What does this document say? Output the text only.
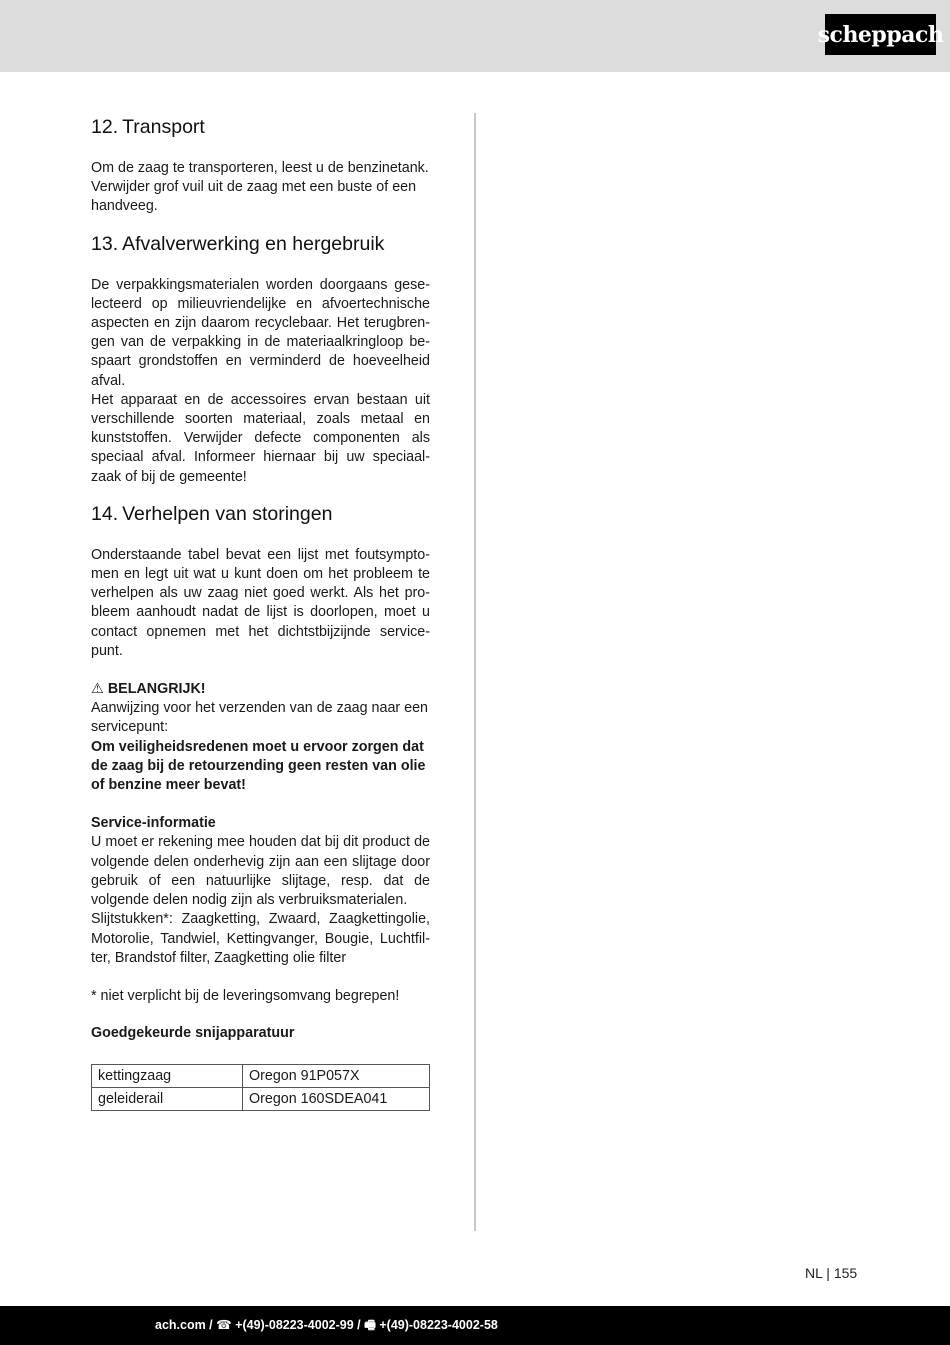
scheppach
12. Transport

Om de zaag te transporteren, leest u de benzinetank. Verwijder grof vuil uit de zaag met een buste of een handveeg.

13. Afvalverwerking en hergebruik

De verpakkingsmaterialen worden doorgaans gese-lecteerd op milieuvriendelijke en afvoertechnische aspecten en zijn daarom recyclebaar. Het terugbren-gen van de verpakking in de materiaalkringloop be-spaart grondstoffen en verminderd de hoeveelheid afval.

Het apparaat en de accessoires ervan bestaan uit verschillende soorten materiaal, zoals metaal en kunststoffen. Verwijder defecte componenten als speciaal afval. Informeer hiernaar bij uw speciaal-zaak of bij de gemeente!

14. Verhelpen van storingen

Onderstaande tabel bevat een lijst met foutsympto-men en legt uit wat u kunt doen om het probleem te verhelpen als uw zaag niet goed werkt. Als het pro-bleem aanhoudt nadat de lijst is doorlopen, moet u contact opnemen met het dichtstbijzijnde service-punt.

⚠ BELANGRIJK!

Aanwijzing voor het verzenden van de zaag naar een servicepunt:

Om veiligheidsredenen moet u ervoor zorgen dat de zaag bij de retourzending geen resten van olie of benzine meer bevat!

Service-informatie

U moet er rekening mee houden dat bij dit product de volgende delen onderhevig zijn aan een slijtage door gebruik of een natuurlijke slijtage, resp. dat de volgende delen nodig zijn als verbruiksmaterialen.

Slijtstukken*: Zaagketting, Zwaard, Zaagkettingolie, Motorolie, Tandwiel, Kettingvanger, Bougie, Luchtfil-ter, Brandstof filter, Zaagketting olie filter

* niet verplicht bij de leveringsomvang begrepen!

Goedgekeurde snijapparatuur

kettingzaag	Oregon 91P057X
geleiderail	Oregon 160SDEA041
NL | 155
ach.com / ☎ +(49)-08223-4002-99 / 🖷 +(49)-08223-4002-58
